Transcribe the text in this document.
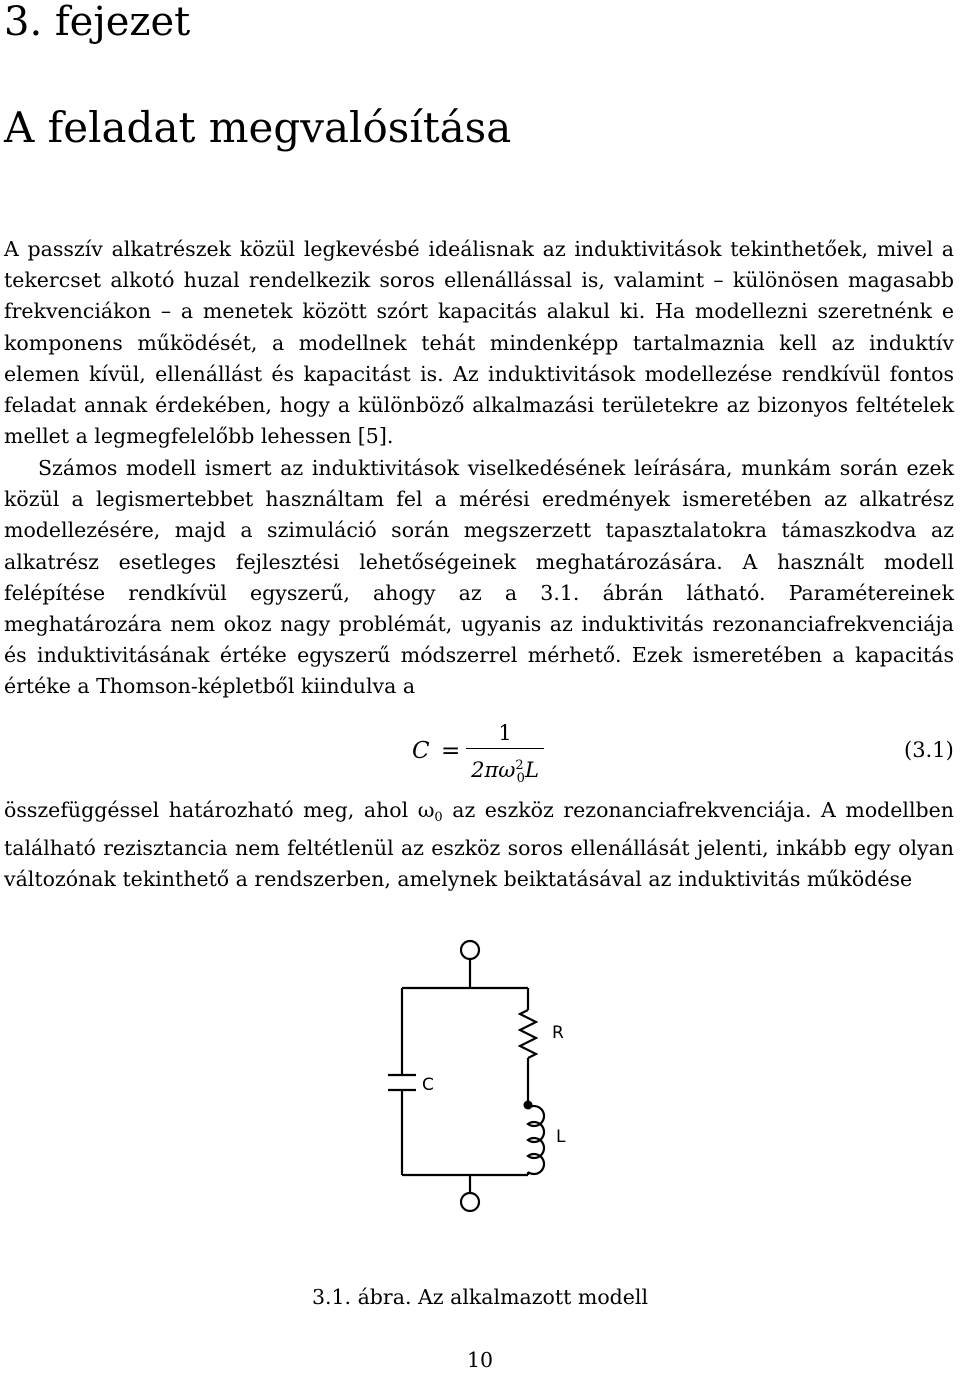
3. fejezet
A feladat megvalósítása

A passzív alkatrészek közül legkevésbé ideálisnak az induktivitások tekinthetőek, mivel a tekercset alkotó huzal rendelkezik soros ellenállással is, valamint – különösen magasabb frekvenciákon – a menetek között szórt kapacitás alakul ki. Ha modellezni szeretnénk e komponens működését, a modellnek tehát mindenképp tartalmaznia kell az induktív elemen kívül, ellenállást és kapacitást is. Az induktivitások modellezése rendkívül fontos feladat annak érdekében, hogy a különböző alkalmazási területekre az bizonyos feltételek mellet a legmegfelelőbb lehessen [5].

Számos modell ismert az induktivitások viselkedésének leírására, munkám során ezek közül a legismertebbet használtam fel a mérési eredmények ismeretében az alkatrész modellezésére, majd a szimuláció során megszerzett tapasztalatokra támaszkodva az alkatrész esetleges fejlesztési lehetőségeinek meghatározására. A használt modell felépítése rendkívül egyszerű, ahogy az a 3.1. ábrán látható. Paramétereinek meghatározára nem okoz nagy problémát, ugyanis az induktivitás rezonanciafrekvenciája és induktivitásának értéke egyszerű módszerrel mérhető. Ezek ismeretében a kapacitás értéke a Thomson-képletből kiindulva a

$C = \frac{1}{2\pi\omega^2_0L}$	(3.1)

összefüggéssel határozható meg, ahol ω0 az eszköz rezonanciafrekvenciája. A modellben található rezisztancia nem feltétlenül az eszköz soros ellenállását jelenti, inkább egy olyan változónak tekinthető a rendszerben, amelynek beiktatásával az induktivitás működése

R
C
L

3.1. ábra. Az alkalmazott modell

10
